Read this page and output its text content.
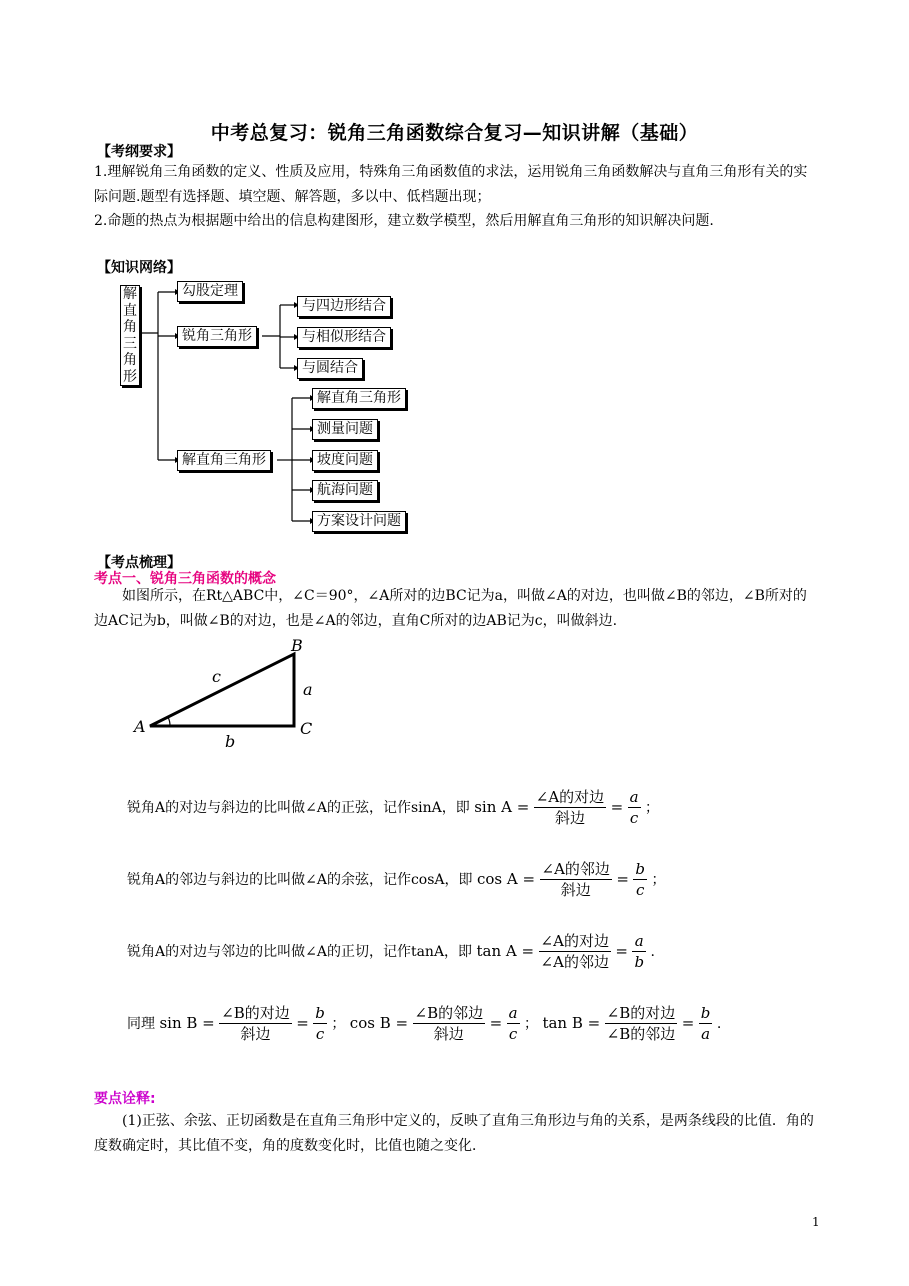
中考总复习：锐角三角函数综合复习—知识讲解（基础）
【考纲要求】
1.理解锐角三角函数的定义、性质及应用，特殊角三角函数值的求法，运用锐角三角函数解决与直角三角形有关的实际问题.题型有选择题、填空题、解答题，多以中、低档题出现；
2.命题的热点为根据题中给出的信息构建图形，建立数学模型，然后用解直角三角形的知识解决问题.
【知识网络】
解直角三角形
勾股定理
锐角三角形
与四边形结合
与相似形结合
与圆结合
解直角三角形
解直角三角形
测量问题
坡度问题
航海问题
方案设计问题
【考点梳理】
考点一、锐角三角函数的概念
如图所示，在Rt△ABC中，∠C＝90°，∠A所对的边BC记为a，叫做∠A的对边，也叫做∠B的邻边，∠B所对的边AC记为b，叫做∠B的对边，也是∠A的邻边，直角C所对的边AB记为c，叫做斜边.
A
B
C
a
b
c
锐角A的对边与斜边的比叫做∠A的正弦，记作sinA，即 $\sin A = \frac{\text{∠A的对边}}{\text{斜边}} = \frac{a}{c}$ ；
锐角A的邻边与斜边的比叫做∠A的余弦，记作cosA，即 $\cos A = \frac{\text{∠A的邻边}}{\text{斜边}} = \frac{b}{c}$ ；
锐角A的对边与邻边的比叫做∠A的正切，记作tanA，即 $\tan A = \frac{\text{∠A的对边}}{\text{∠A的邻边}} = \frac{a}{b}$ .
同理 $\sin B = \frac{\text{∠B的对边}}{\text{斜边}} = \frac{b}{c}$ ； $\cos B = \frac{\text{∠B的邻边}}{\text{斜边}} = \frac{a}{c}$ ； $\tan B = \frac{\text{∠B的对边}}{\text{∠B的邻边}} = \frac{b}{a}$ .
要点诠释:
(1)正弦、余弦、正切函数是在直角三角形中定义的，反映了直角三角形边与角的关系，是两条线段的比值．角的度数确定时，其比值不变，角的度数变化时，比值也随之变化．
1
